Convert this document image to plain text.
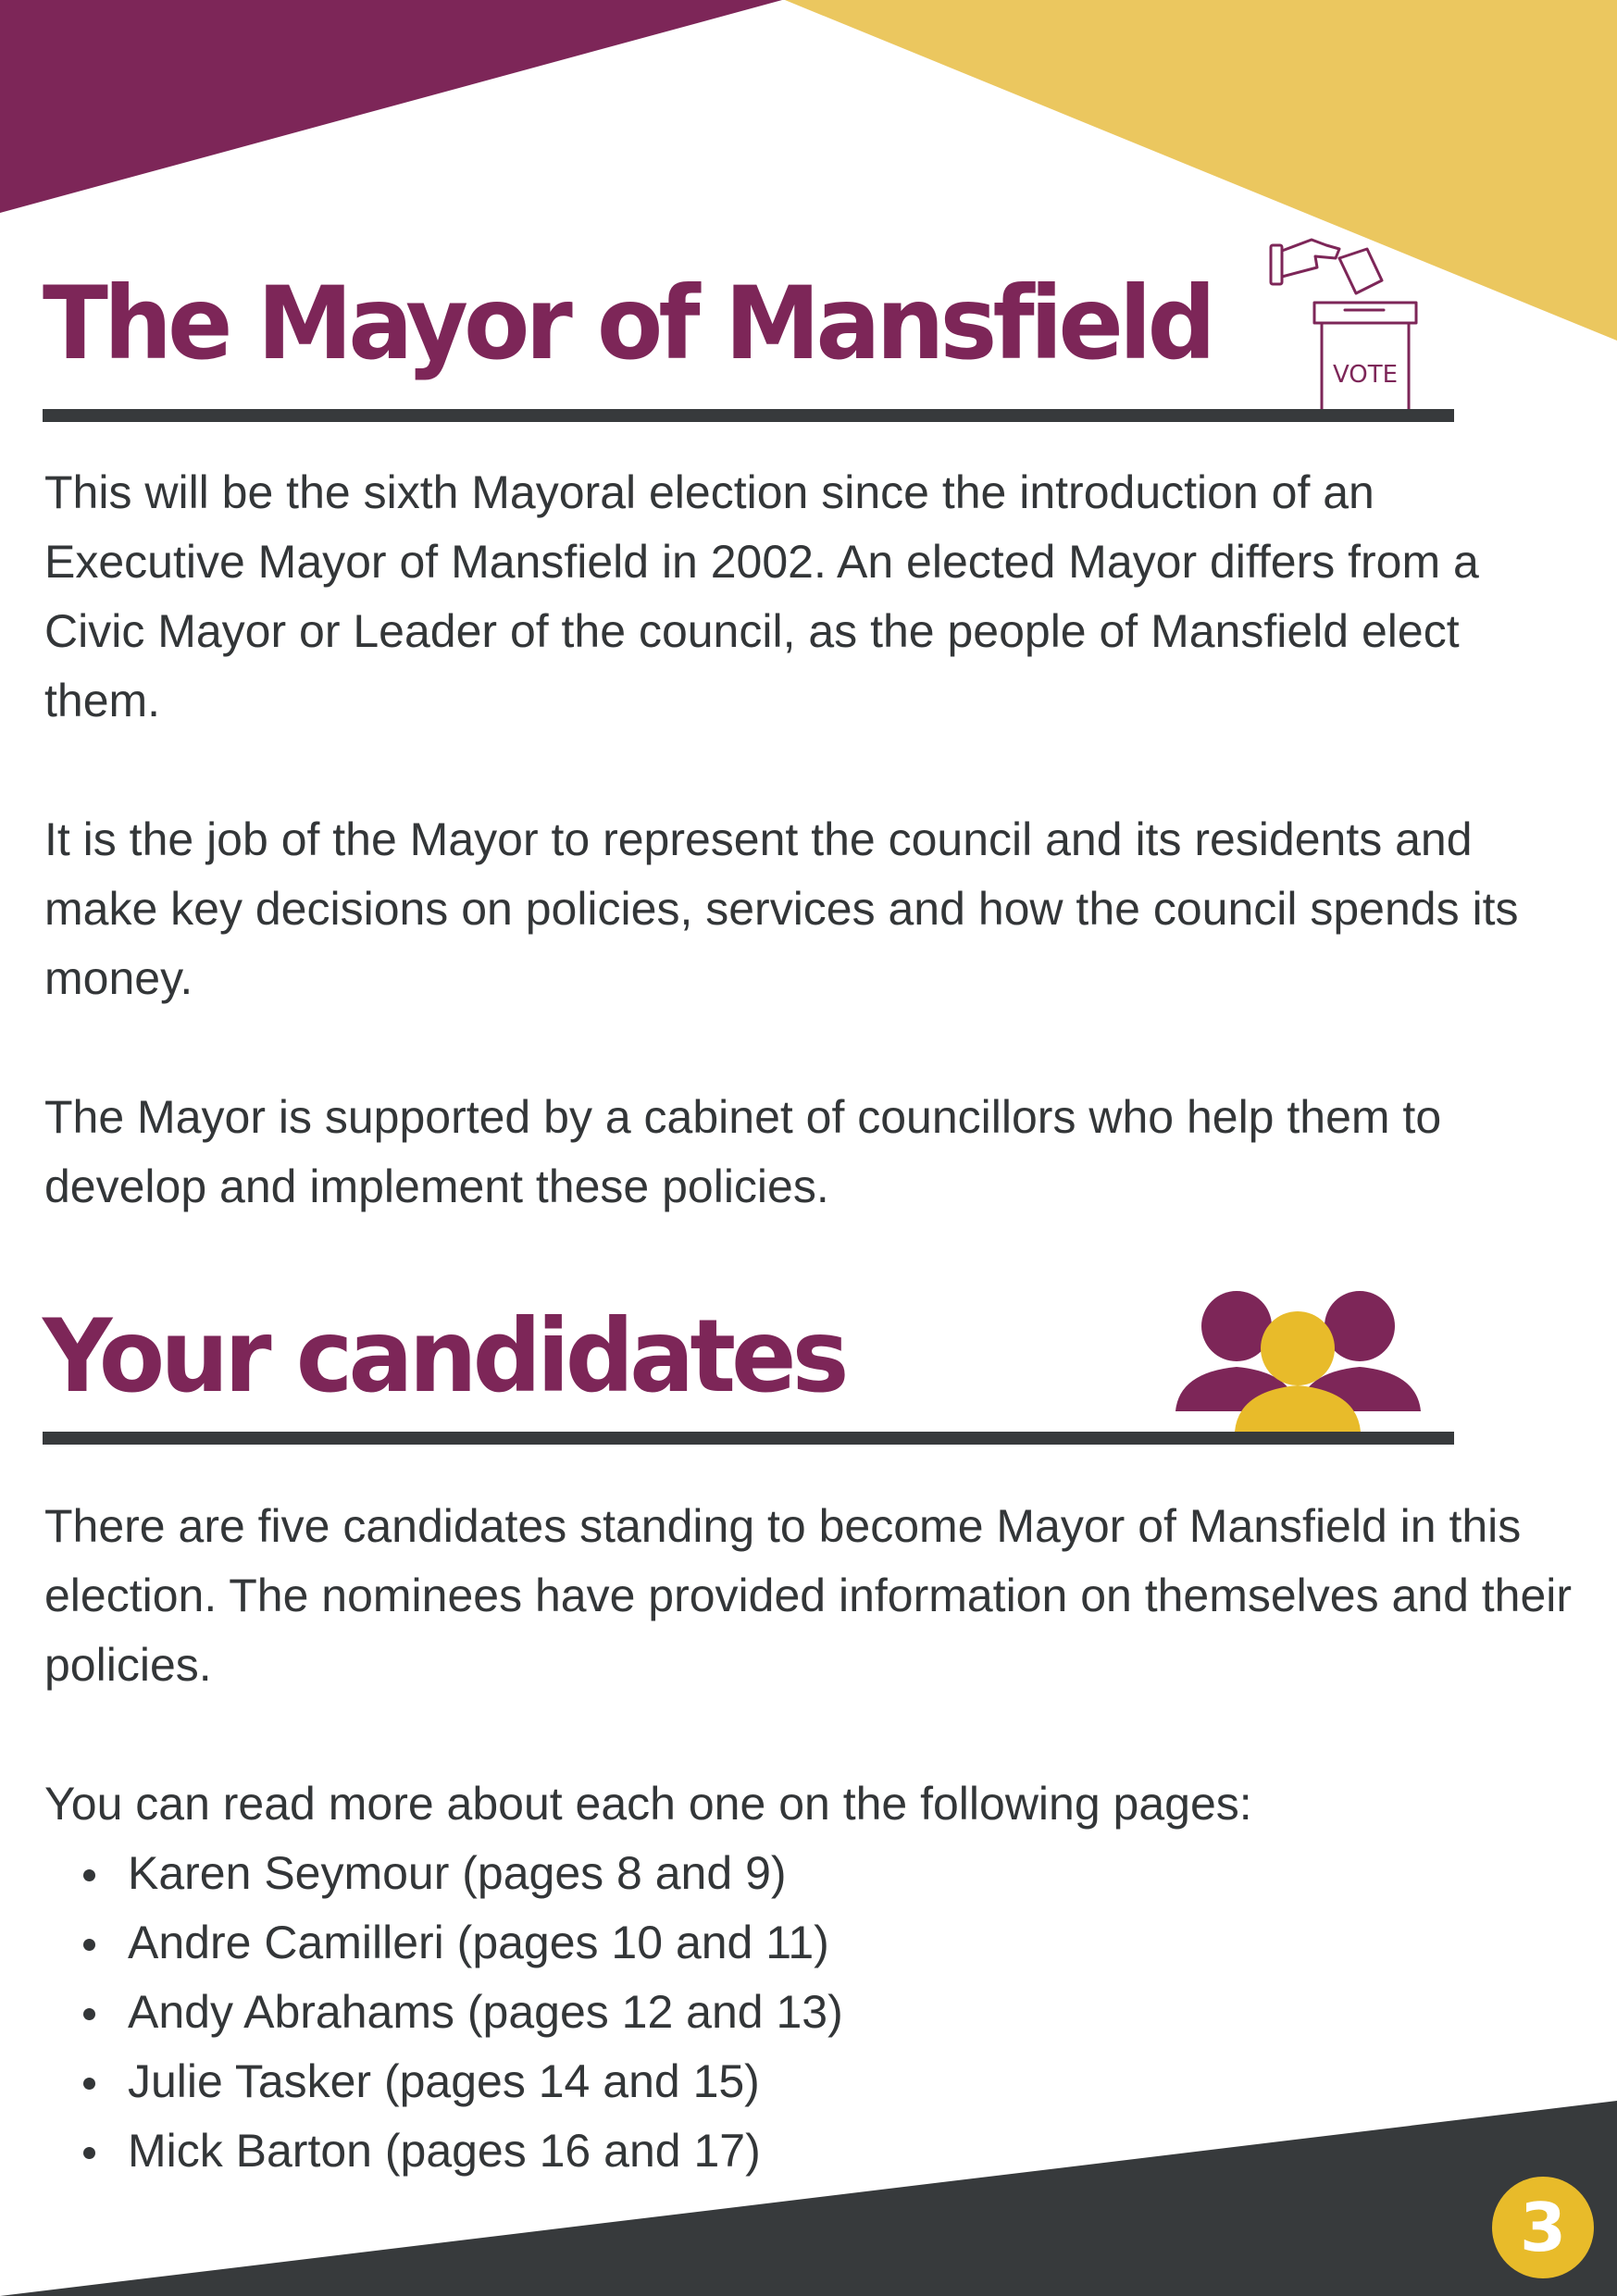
The Mayor of Mansfield	VOTE

This will be the sixth Mayoral election since the introduction of an Executive Mayor of Mansfield in 2002. An elected Mayor differs from a Civic Mayor or Leader of the council, as the people of Mansfield elect them.

It is the job of the Mayor to represent the council and its residents and make key decisions on policies, services and how the council spends its money.

The Mayor is supported by a cabinet of councillors who help them to develop and implement these policies.

Your candidates

There are five candidates standing to become Mayor of Mansfield in this election. The nominees have provided information on themselves and their policies.

You can read more about each one on the following pages:

Karen Seymour (pages 8 and 9)
Andre Camilleri (pages 10 and 11)
Andy Abrahams (pages 12 and 13)
Julie Tasker (pages 14 and 15)
Mick Barton (pages 16 and 17)
3
